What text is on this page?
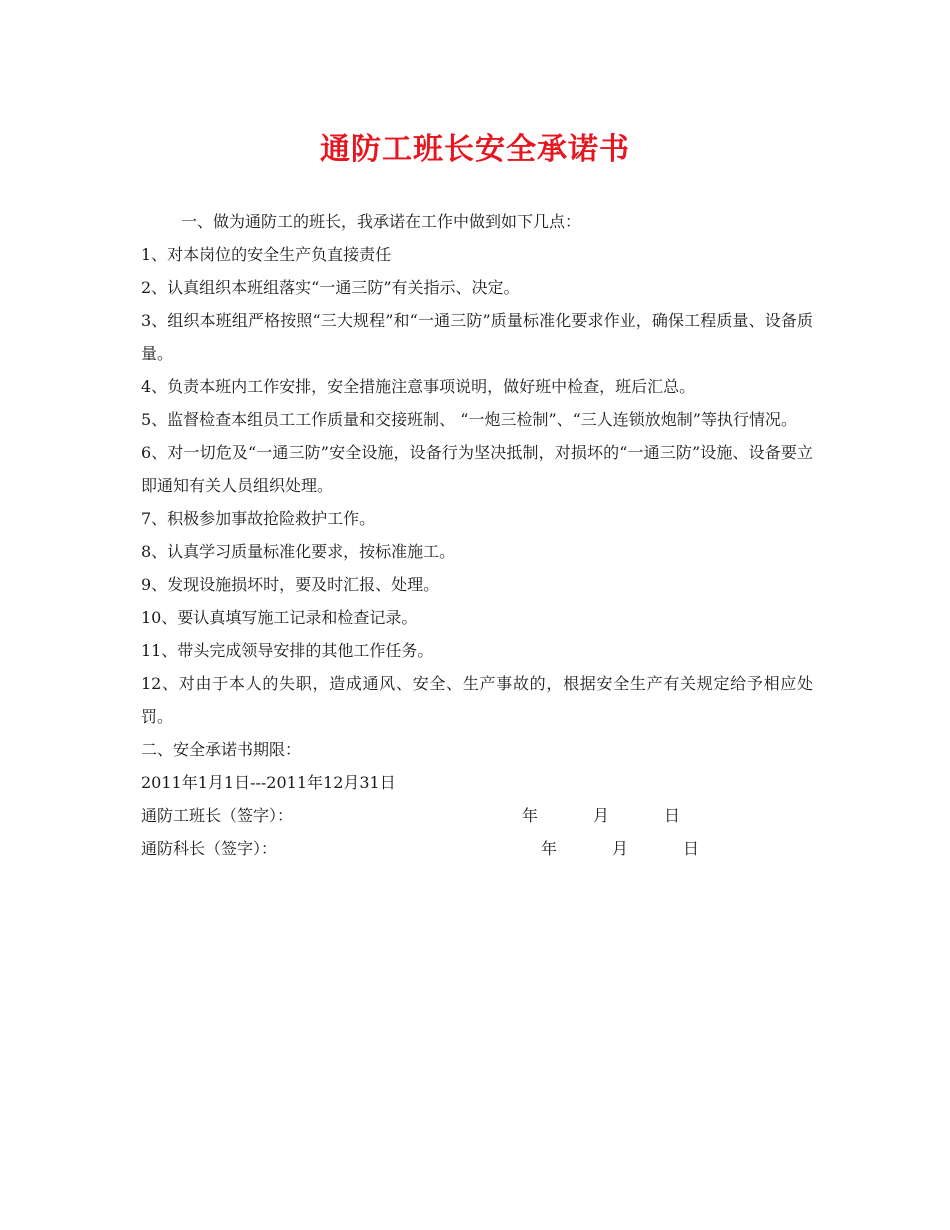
通防工班长安全承诺书

一、做为通防工的班长，我承诺在工作中做到如下几点：

1、对本岗位的安全生产负直接责任

2、认真组织本班组落实“一通三防”有关指示、决定。

3、组织本班组严格按照“三大规程”和“一通三防”质量标准化要求作业，确保工程质量、设备质量。

4、负责本班内工作安排，安全措施注意事项说明，做好班中检查，班后汇总。

5、监督检查本组员工工作质量和交接班制、 “一炮三检制”、“三人连锁放炮制”等执行情况。

6、对一切危及“一通三防”安全设施，设备行为坚决抵制，对损坏的“一通三防”设施、设备要立即通知有关人员组织处理。

7、积极参加事故抢险救护工作。

8、认真学习质量标准化要求，按标准施工。

9、发现设施损坏时，要及时汇报、处理。

10、要认真填写施工记录和检查记录。

11、带头完成领导安排的其他工作任务。

12、对由于本人的失职，造成通风、安全、生产事故的，根据安全生产有关规定给予相应处罚。

二、安全承诺书期限：

2011年1月1日---2011年12月31日

通防工班长（签字）：	年	月	日
通防科长（签字）：	年	月	日
